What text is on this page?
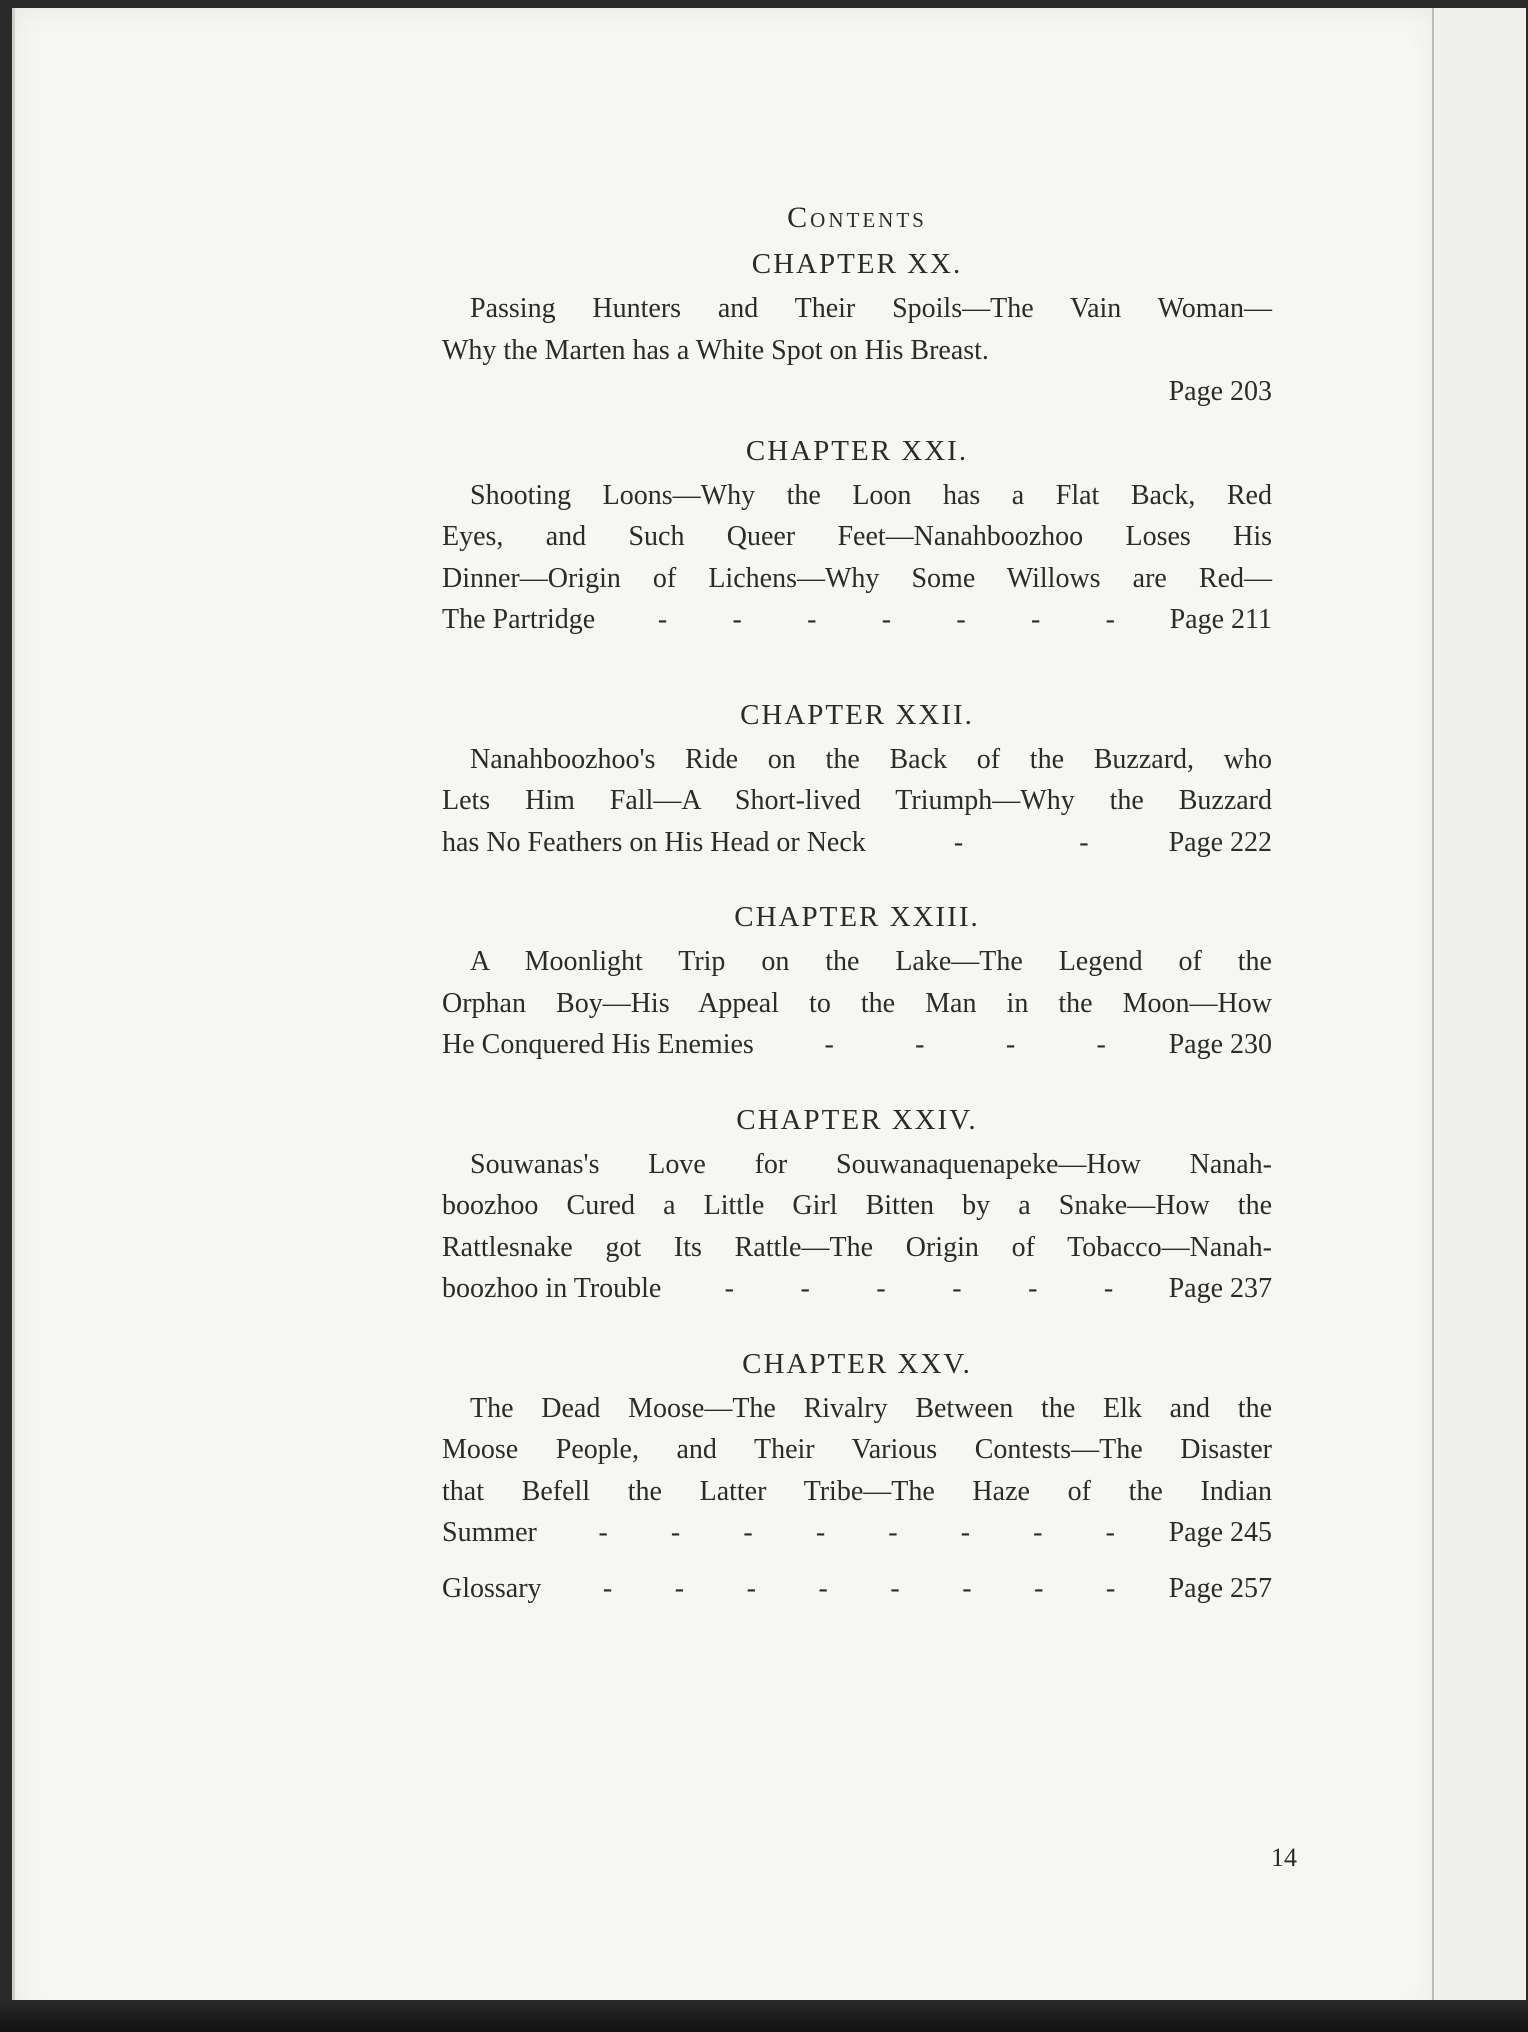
Contents
CHAPTER XX.
Passing Hunters and Their Spoils—The Vain Woman—
Why the Marten has a White Spot on His Breast.
Page 203
CHAPTER XXI.
Shooting Loons—Why the Loon has a Flat Back, Red
Eyes, and Such Queer Feet—Nanahboozhoo Loses His
Dinner—Origin of Lichens—Why Some Willows are Red—
The Partridge - - - - - - - Page 211
CHAPTER XXII.
Nanahboozhoo's Ride on the Back of the Buzzard, who
Lets Him Fall—A Short-lived Triumph—Why the Buzzard
has No Feathers on His Head or Neck	-	-	Page 222
CHAPTER XXIII.
A Moonlight Trip on the Lake—The Legend of the
Orphan Boy—His Appeal to the Man in the Moon—How
He Conquered His Enemies	-	-	-	- Page 230
CHAPTER XXIV.
Souwanas's Love for Souwanaquenapeke—How Nanah-
boozhoo Cured a Little Girl Bitten by a Snake—How the
Rattlesnake got Its Rattle—The Origin of Tobacco—Nanah-
boozhoo in Trouble - - - - - - Page 237
CHAPTER XXV.
The Dead Moose—The Rivalry Between the Elk and the
Moose People, and Their Various Contests—The Disaster
that Befell the Latter Tribe—The Haze of the Indian
Summer - - - - - - - - Page 245
Glossary - - - - - - - - Page 257
14
